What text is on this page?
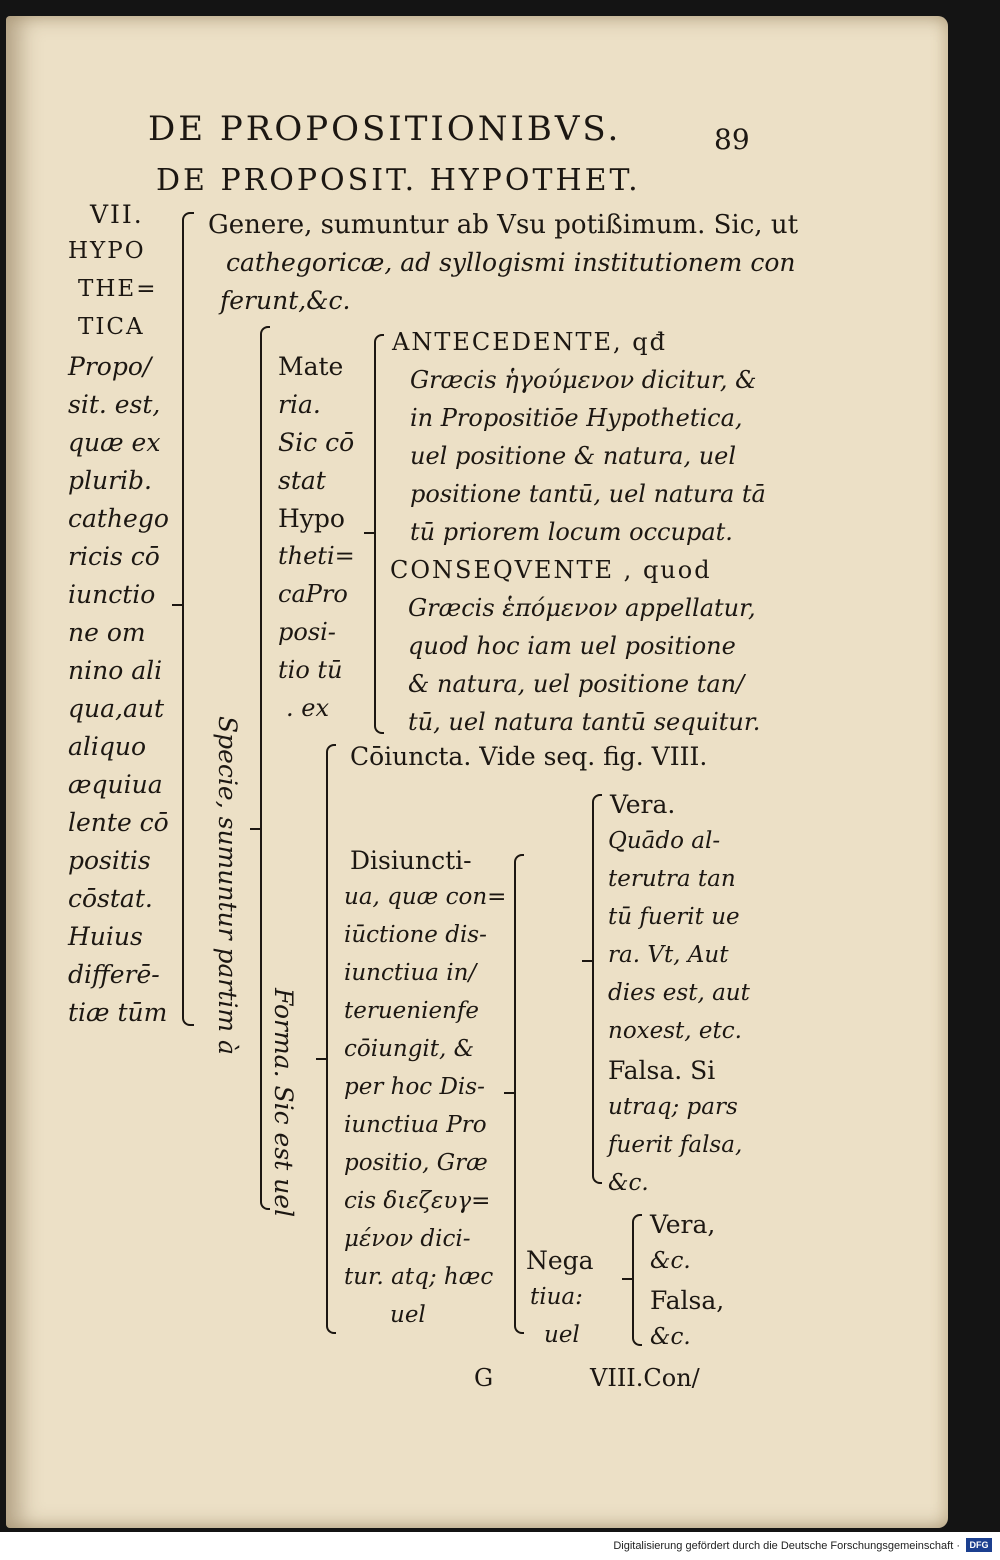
DE PROPOSITIONIBVS.	89
DE PROPOSIT. HYPOTHET.
VII.
HYPO
THE=
TICA
Propo/
sit. est,
quæ ex
plurib.
cathego
ricis cō
iunctio
ne om
nino ali
qua,aut
aliquo
æquiua
lente cō
positis
cōstat.
Huius
differē-
tiæ tūm
Genere, sumuntur ab Vsu potißimum. Sic, ut
cathegoricæ, ad syllogismi institutionem con
ferunt,&c.
Specie, sumuntur partim à
Mate
ria.
Sic cō
stat
Hypo
theti=
caPro
posi-
tio tū
. ex
ANTECEDENTE, qđ
Græcis ἡγούμενον dicitur, &
in Propositiōe Hypothetica,
uel positione & natura, uel
positione tantū, uel natura tā
tū priorem locum occupat.
CONSEQVENTE , quod
Græcis ἑπόμενον appellatur,
quod hoc iam uel positione
& natura, uel positione tan/
tū, uel natura tantū sequitur.
Forma. Sic est uel
Cōiuncta. Vide seq. fig. VIII.
Disiuncti-
ua, quæ con=
iūctione dis-
iunctiua in/
teruenienfe
cōiungit, &
per hoc Dis-
iunctiua Pro
positio, Græ
cis διεζευγ=
μένον dici-
tur. atq; hæc
uel
Vera.
Quādo al-
terutra tan
tū fuerit ue
ra. Vt, Aut
dies est, aut
noxest, etc.
Falsa. Si
utraq; pars
fuerit falsa,
&c.
Nega
tiua:
uel
Vera,
&c.
Falsa,
&c.
G	VIII.Con/
Digitalisierung gefördert durch die Deutsche Forschungsgemeinschaft ·	DFG
